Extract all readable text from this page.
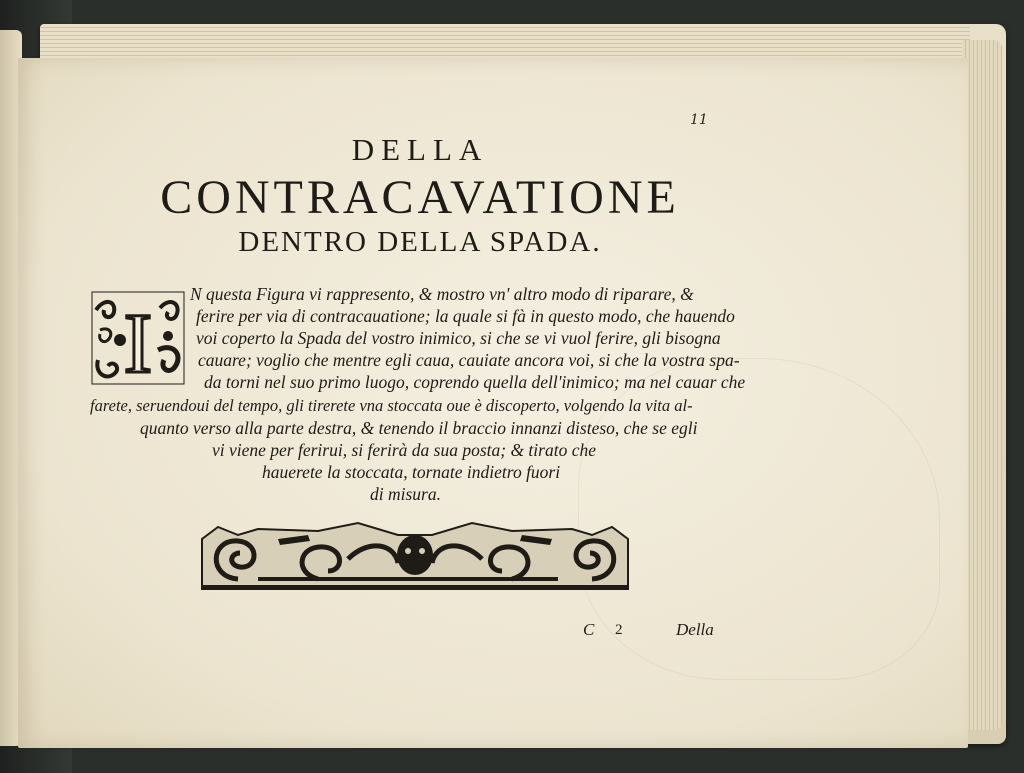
11
DELLA
CONTRACAVATIONE
DENTRO DELLA SPADA.
I
N questa Figura vi rappresento, & mostro vn' altro modo di riparare, &
ferire per via di contracauatione; la quale si fà in questo modo, che hauendo
voi coperto la Spada del vostro inimico, si che se vi vuol ferire, gli bisogna
cauare; voglio che mentre egli caua, cauiate ancora voi, si che la vostra spa-
da torni nel suo primo luogo, coprendo quella dell'inimico; ma nel cauar che
farete, seruendoui del tempo, gli tirerete vna stoccata oue è discoperto, volgendo la vita al-
quanto verso alla parte destra, & tenendo il braccio innanzi disteso, che se egli
vi viene per ferirui, si ferirà da sua posta; & tirato che
hauerete la stoccata, tornate indietro fuori
di misura.
C 2	Della
